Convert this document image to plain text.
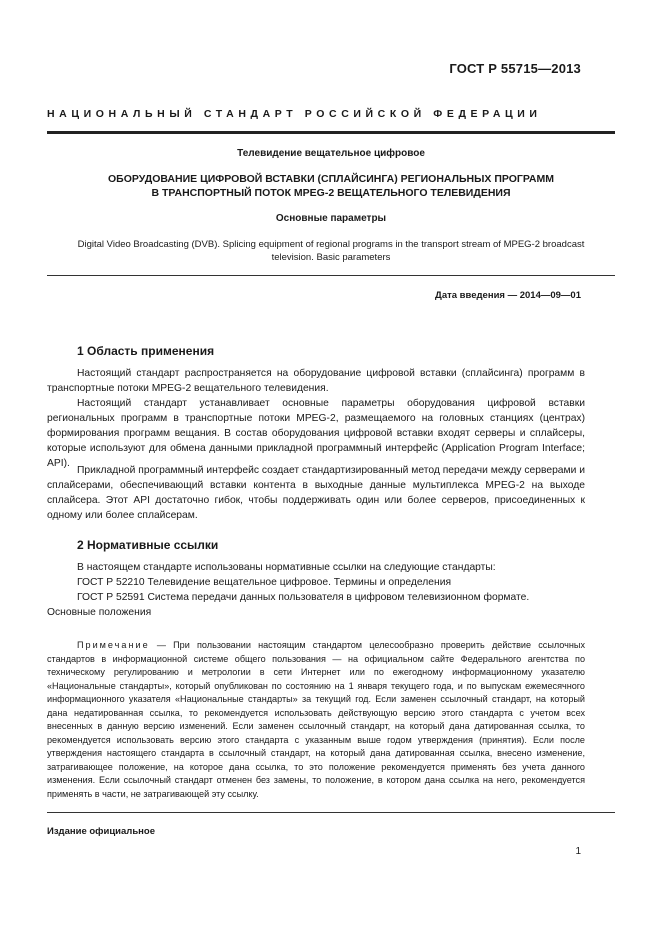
ГОСТ Р 55715—2013
НАЦИОНАЛЬНЫЙ СТАНДАРТ РОССИЙСКОЙ ФЕДЕРАЦИИ
Телевидение вещательное цифровое
ОБОРУДОВАНИЕ ЦИФРОВОЙ ВСТАВКИ (СПЛАЙСИНГА) РЕГИОНАЛЬНЫХ ПРОГРАММ
В ТРАНСПОРТНЫЙ ПОТОК MPEG-2 ВЕЩАТЕЛЬНОГО ТЕЛЕВИДЕНИЯ
Основные параметры
Digital Video Broadcasting (DVB). Splicing equipment of regional programs in the transport stream of MPEG-2 broadcast
television. Basic parameters
Дата введения — 2014—09—01
1 Область применения

Настоящий стандарт распространяется на оборудование цифровой вставки (сплайсинга) программ в транспортные потоки MPEG-2 вещательного телевидения.

Настоящий стандарт устанавливает основные параметры оборудования цифровой вставки региональных программ в транспортные потоки MPEG-2, размещаемого на головных станциях (центрах) формирования программ вещания. В состав оборудования цифровой вставки входят серверы и сплайсеры, которые используют для обмена данными прикладной программный интерфейс (Application Program Interface; API).

Прикладной программный интерфейс создает стандартизированный метод передачи между серверами и сплайсерами, обеспечивающий вставки контента в выходные данные мультиплекса MPEG-2 на выходе сплайсера. Этот API достаточно гибок, чтобы поддерживать один или более серверов, присоединенных к одному или более сплайсерам.

2 Нормативные ссылки
В настоящем стандарте использованы нормативные ссылки на следующие стандарты:
ГОСТ Р 52210 Телевидение вещательное цифровое. Термины и определения
ГОСТ Р 52591 Система передачи данных пользователя в цифровом телевизионном формате.
Основные положения

Примечание — При пользовании настоящим стандартом целесообразно проверить действие ссылочных стандартов в информационной системе общего пользования — на официальном сайте Федерального агентства по техническому регулированию и метрологии в сети Интернет или по ежегодному информационному указателю «Национальные стандарты», который опубликован по состоянию на 1 января текущего года, и по выпускам ежемесячного информационного указателя «Национальные стандарты» за текущий год. Если заменен ссылочный стандарт, на который дана недатированная ссылка, то рекомендуется использовать действующую версию этого стандарта с учетом всех внесенных в данную версию изменений. Если заменен ссылочный стандарт, на который дана датированная ссылка, то рекомендуется использовать версию этого стандарта с указанным выше годом утверждения (принятия). Если после утверждения настоящего стандарта в ссылочный стандарт, на который дана датированная ссылка, внесено изменение, затрагивающее положение, на которое дана ссылка, то это положение рекомендуется применять без учета данного изменения. Если ссылочный стандарт отменен без замены, то положение, в котором дана ссылка на него, рекомендуется применять в части, не затрагивающей эту ссылку.

Издание официальное
1
